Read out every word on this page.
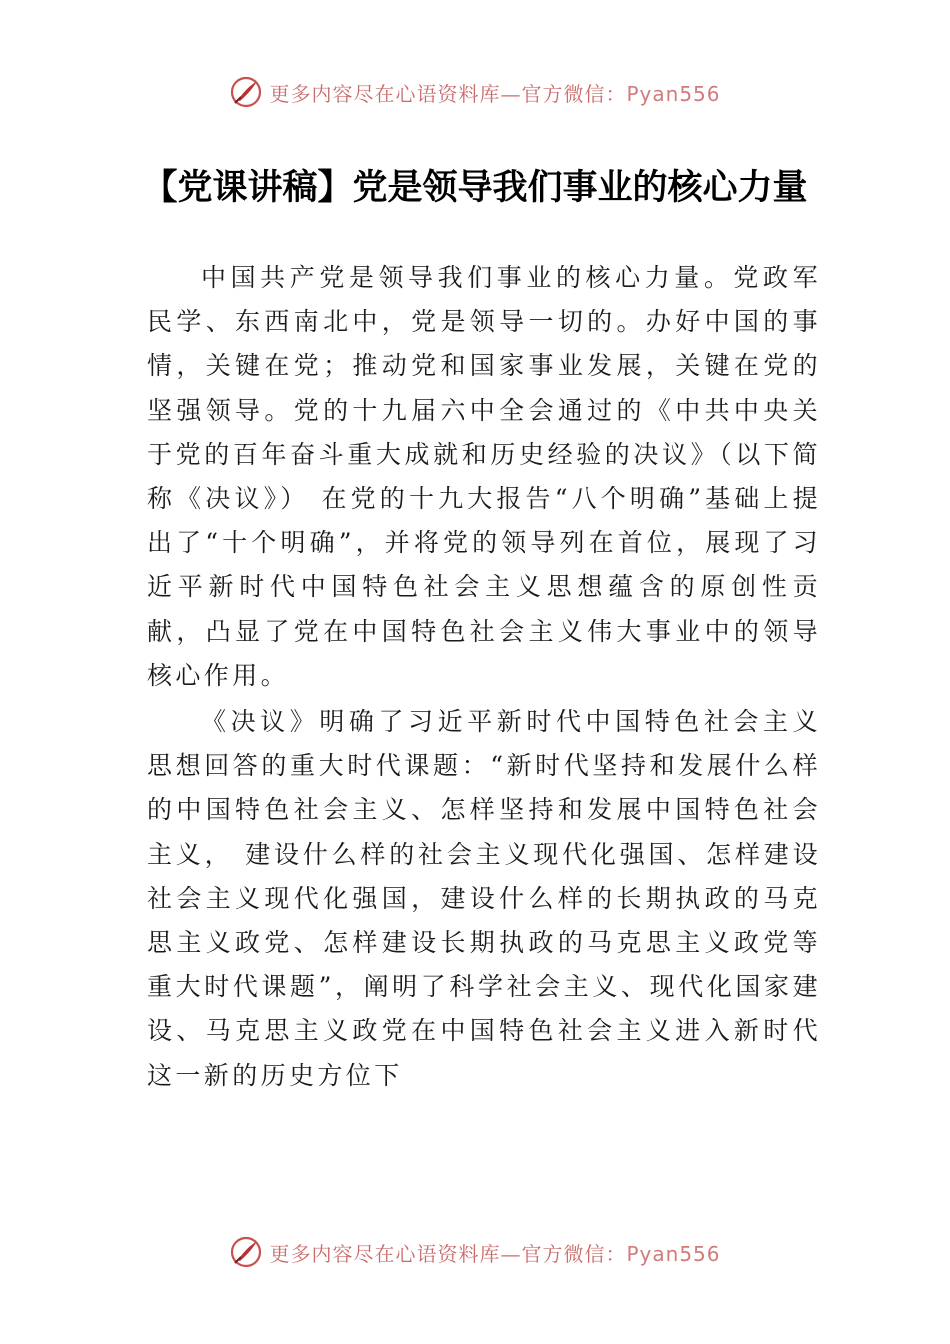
更多内容尽在心语资料库—官方微信：Pyan556
【党课讲稿】党是领导我们事业的核心力量

中国共产党是领导我们事业的核心力量。党政军民学、东西南北中，党是领导一切的。办好中国的事情，关键在党；推动党和国家事业发展，关键在党的坚强领导。党的十九届六中全会通过的《中共中央关于党的百年奋斗重大成就和历史经验的决议》（以下简称《决议》） 在党的十九大报告“八个明确”基础上提出了“十个明确”，并将党的领导列在首位，展现了习近平新时代中国特色社会主义思想蕴含的原创性贡献，凸显了党在中国特色社会主义伟大事业中的领导核心作用。

《决议》明确了习近平新时代中国特色社会主义思想回答的重大时代课题：“新时代坚持和发展什么样的中国特色社会主义、怎样坚持和发展中国特色社会主义， 建设什么样的社会主义现代化强国、怎样建设社会主义现代化强国，建设什么样的长期执政的马克思主义政党、怎样建设长期执政的马克思主义政党等重大时代课题”，阐明了科学社会主义、现代化国家建设、马克思主义政党在中国特色社会主义进入新时代这一新的历史方位下

更多内容尽在心语资料库—官方微信：Pyan556
